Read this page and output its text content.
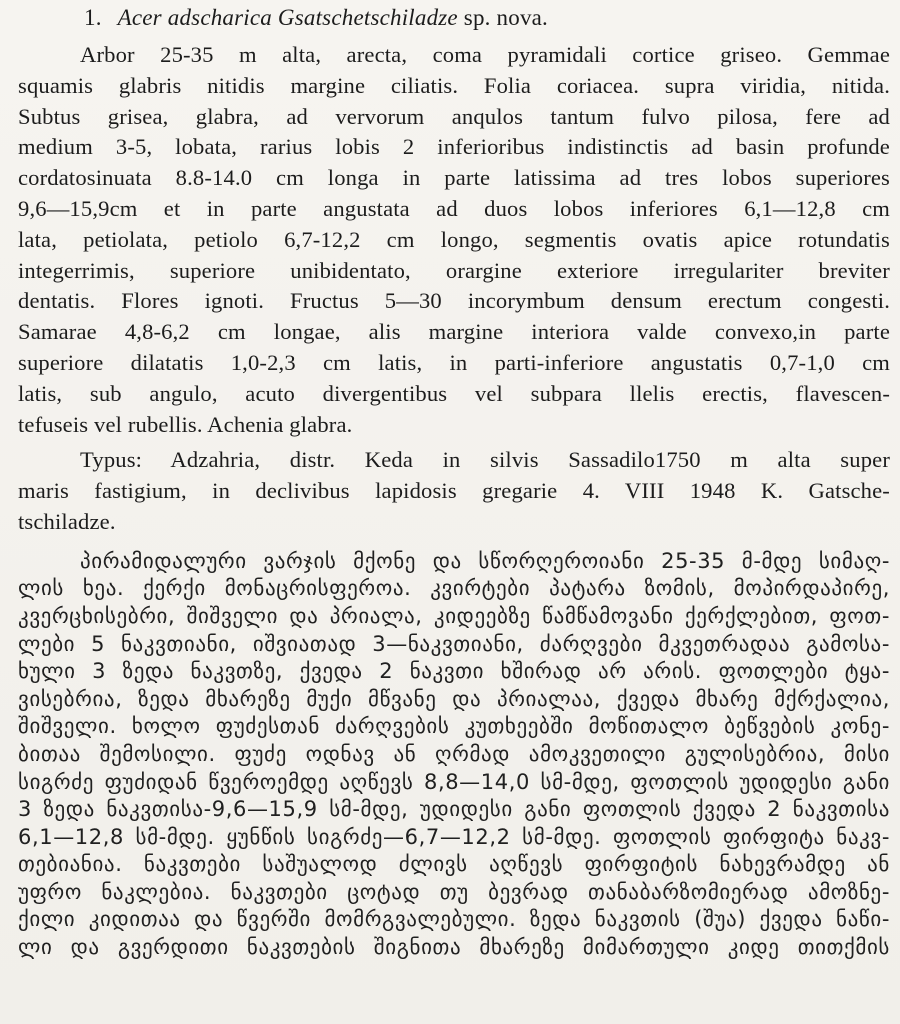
1. Acer adscharica Gsatschetschiladze sp. nova.
Arbor 25-35 m alta, arecta, coma pyramidali cortice griseo. Gemmae
squamis glabris nitidis margine ciliatis. Folia coriacea. supra viridia, nitida.
Subtus grisea, glabra, ad vervorum anqulos tantum fulvo pilosa, fere ad
medium 3-5, lobata, rarius lobis 2 inferioribus indistinctis ad basin profunde
cordatosinuata 8.8-14.0 cm longa in parte latissima ad tres lobos superiores
9,6—15,9cm et in parte angustata ad duos lobos inferiores 6,1—12,8 cm
lata, petiolata, petiolo 6,7-12,2 cm longo, segmentis ovatis apice rotundatis
integerrimis, superiore unibidentato, orargine exteriore irregulariter breviter
dentatis. Flores ignoti. Fructus 5—30 incorymbum densum erectum congesti.
Samarae 4,8-6,2 cm longae, alis margine interiora valde convexo,in parte
superiore dilatatis 1,0-2,3 cm latis, in parti-inferiore angustatis 0,7-1,0 cm
latis, sub angulo, acuto divergentibus vel subpara llelis erectis, flavescen-
tefuseis vel rubellis. Achenia glabra.
Typus: Adzahria, distr. Keda in silvis Sassadilo1750 m alta super
maris fastigium, in declivibus lapidosis gregarie 4. VIII 1948 K. Gatsche-
tschiladze.
პირამიდალური ვარჯის მქონე და სწორღეროიანი 25-35 მ-მდე სიმაღ-
ლის ხეა. ქერქი მონაცრისფეროა. კვირტები პატარა ზომის, მოპირდაპირე,
კვერცხისებრი, შიშველი და პრიალა, კიდეებზე წამწამოვანი ქერქლებით, ფოთ-
ლები 5 ნაკვთიანი, იშვიათად 3—ნაკვთიანი, ძარღვები მკვეთრადაა გამოსა-
ხული 3 ზედა ნაკვთზე, ქვედა 2 ნაკვთი ხშირად არ არის. ფოთლები ტყა-
ვისებრია, ზედა მხარეზე მუქი მწვანე და პრიალაა, ქვედა მხარე მქრქალია,
შიშველი. ხოლო ფუძესთან ძარღვების კუთხეებში მოწითალო ბეწვების კონე-
ბითაა შემოსილი. ფუძე ოდნავ ან ღრმად ამოკვეთილი გულისებრია, მისი
სიგრძე ფუძიდან წვეროემდე აღწევს 8,8—14,0 სმ-მდე, ფოთლის უდიდესი განი
3 ზედა ნაკვთისა-9,6—15,9 სმ-მდე, უდიდესი განი ფოთლის ქვედა 2 ნაკვთისა
6,1—12,8 სმ-მდე. ყუნწის სიგრძე—6,7—12,2 სმ-მდე. ფოთლის ფირფიტა ნაკვ-
თებიანია. ნაკვთები საშუალოდ ძლივს აღწევს ფირფიტის ნახევრამდე ან
უფრო ნაკლებია. ნაკვთები ცოტად თუ ბევრად თანაბარზომიერად ამოზნე-
ქილი კიდითაა და წვერში მომრგვალებული. ზედა ნაკვთის (შუა) ქვედა ნაწი-
ლი და გვერდითი ნაკვთების შიგნითა მხარეზე მიმართული კიდე თითქმის
